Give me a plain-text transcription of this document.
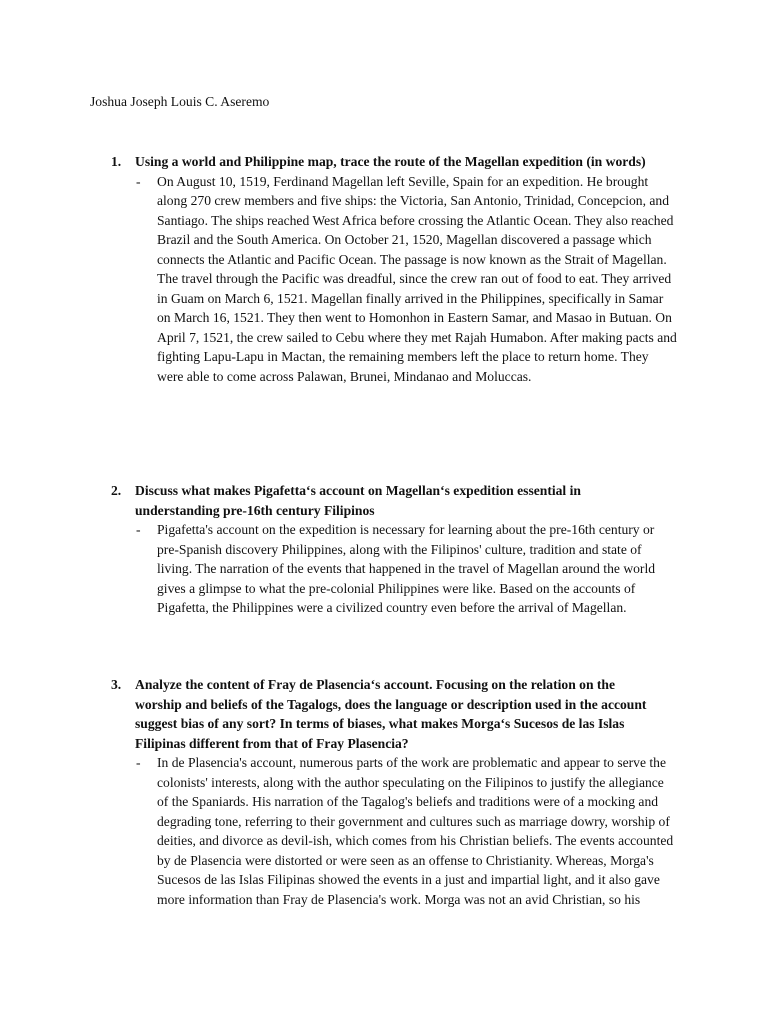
Joshua Joseph Louis C. Aseremo
1. Using a world and Philippine map, trace the route of the Magellan expedition (in words)
- On August 10, 1519, Ferdinand Magellan left Seville, Spain for an expedition. He brought along 270 crew members and five ships: the Victoria, San Antonio, Trinidad, Concepcion, and Santiago. The ships reached West Africa before crossing the Atlantic Ocean. They also reached Brazil and the South America. On October 21, 1520, Magellan discovered a passage which connects the Atlantic and Pacific Ocean. The passage is now known as the Strait of Magellan. The travel through the Pacific was dreadful, since the crew ran out of food to eat. They arrived in Guam on March 6, 1521. Magellan finally arrived in the Philippines, specifically in Samar on March 16, 1521. They then went to Homonhon in Eastern Samar, and Masao in Butuan. On April 7, 1521, the crew sailed to Cebu where they met Rajah Humabon. After making pacts and fighting Lapu-Lapu in Mactan, the remaining members left the place to return home. They were able to come across Palawan, Brunei, Mindanao and Moluccas.

2. Discuss what makes Pigafetta‘s account on Magellan‘s expedition essential in understanding pre-16th century Filipinos
- Pigafetta's account on the expedition is necessary for learning about the pre-16th century or pre-Spanish discovery Philippines, along with the Filipinos' culture, tradition and state of living. The narration of the events that happened in the travel of Magellan around the world gives a glimpse to what the pre-colonial Philippines were like. Based on the accounts of Pigafetta, the Philippines were a civilized country even before the arrival of Magellan.

3. Analyze the content of Fray de Plasencia‘s account. Focusing on the relation on the worship and beliefs of the Tagalogs, does the language or description used in the account suggest bias of any sort? In terms of biases, what makes Morga‘s Sucesos de las Islas Filipinas different from that of Fray Plasencia?
- In de Plasencia's account, numerous parts of the work are problematic and appear to serve the colonists' interests, along with the author speculating on the Filipinos to justify the allegiance of the Spaniards. His narration of the Tagalog's beliefs and traditions were of a mocking and degrading tone, referring to their government and cultures such as marriage dowry, worship of deities, and divorce as devil-ish, which comes from his Christian beliefs. The events accounted by de Plasencia were distorted or were seen as an offense to Christianity. Whereas, Morga's Sucesos de las Islas Filipinas showed the events in a just and impartial light, and it also gave more information than Fray de Plasencia's work. Morga was not an avid Christian, so his
